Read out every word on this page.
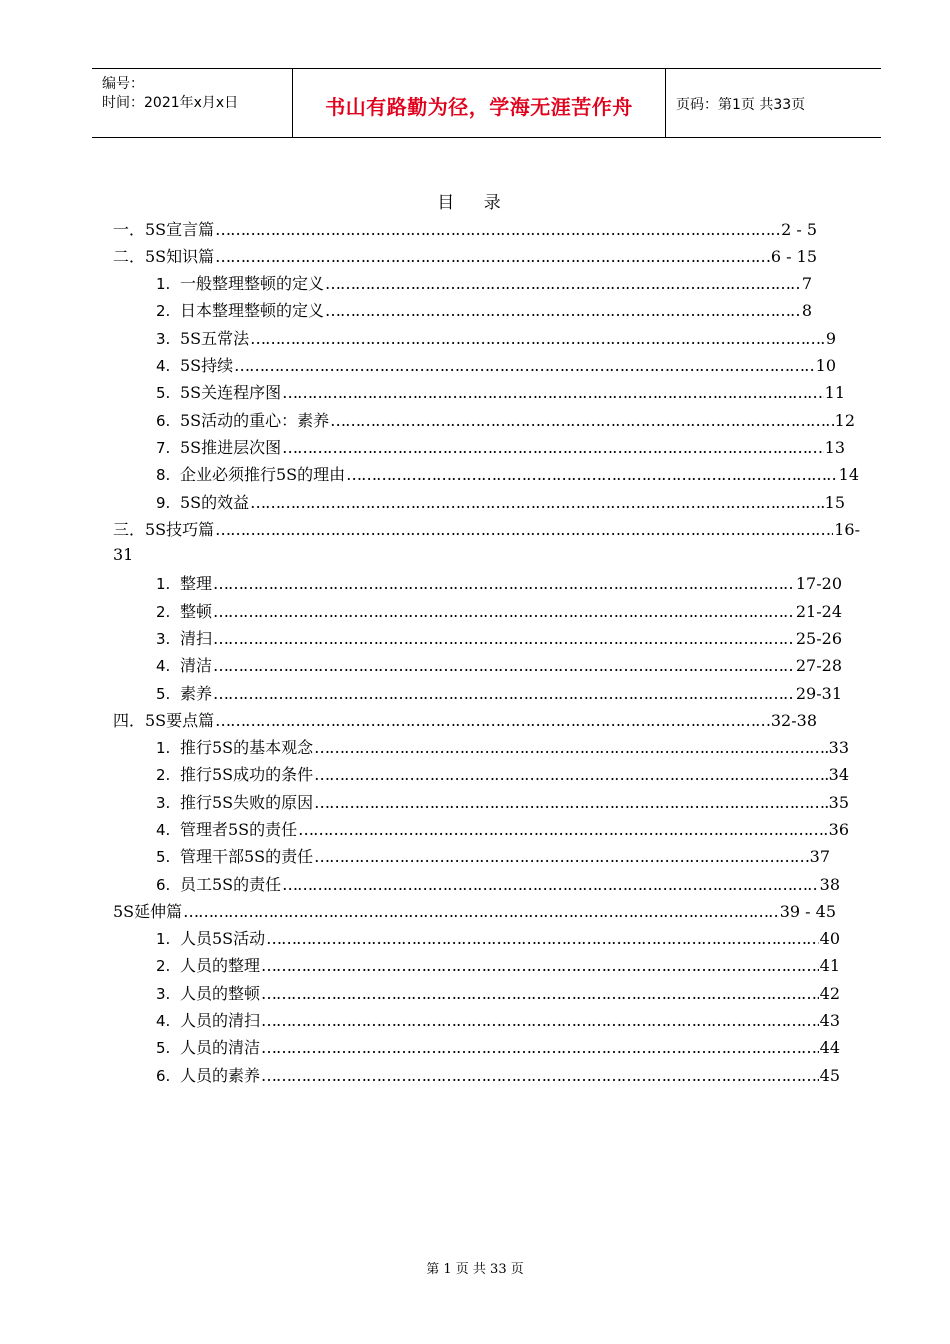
编号：
时间：2021年x月x日	书山有路勤为径，学海无涯苦作舟	页码：第1页 共33页
目 录
一．5S宣言篇 ……………………………………………………………………………………………………………………………………………………………………………………………………………………………………	2 - 5
二．5S知识篇 ……………………………………………………………………………………………………………………………………………………………………………………………………………………………………	6 - 15
1. 一般整理整顿的定义 ……………………………………………………………………………………………………………………………………………………………………………………………………………………………………	7
2. 日本整理整顿的定义 ……………………………………………………………………………………………………………………………………………………………………………………………………………………………………	8
3. 5S五常法 ……………………………………………………………………………………………………………………………………………………………………………………………………………………………………	9
4. 5S持续 ……………………………………………………………………………………………………………………………………………………………………………………………………………………………………	10
5. 5S关连程序图 ……………………………………………………………………………………………………………………………………………………………………………………………………………………………………	11
6. 5S活动的重心：素养 ……………………………………………………………………………………………………………………………………………………………………………………………………………………………………	12
7. 5S推进层次图 ……………………………………………………………………………………………………………………………………………………………………………………………………………………………………	13
8. 企业必须推行5S的理由 ……………………………………………………………………………………………………………………………………………………………………………………………………………………………………	14
9. 5S的效益 ……………………………………………………………………………………………………………………………………………………………………………………………………………………………………	15
三．5S技巧篇 ……………………………………………………………………………………………………………………………………………………………………………………………………………………………………	16-
31
1. 整理 ……………………………………………………………………………………………………………………………………………………………………………………………………………………………………	17-20
2. 整顿 ……………………………………………………………………………………………………………………………………………………………………………………………………………………………………	21-24
3. 清扫 ……………………………………………………………………………………………………………………………………………………………………………………………………………………………………	25-26
4. 清洁 ……………………………………………………………………………………………………………………………………………………………………………………………………………………………………	27-28
5. 素养 ……………………………………………………………………………………………………………………………………………………………………………………………………………………………………	29-31
四．5S要点篇 ……………………………………………………………………………………………………………………………………………………………………………………………………………………………………	32-38
1. 推行5S的基本观念 ……………………………………………………………………………………………………………………………………………………………………………………………………………………………………	33
2. 推行5S成功的条件 ……………………………………………………………………………………………………………………………………………………………………………………………………………………………………	34
3. 推行5S失败的原因 ……………………………………………………………………………………………………………………………………………………………………………………………………………………………………	35
4. 管理者5S的责任 ……………………………………………………………………………………………………………………………………………………………………………………………………………………………………	36
5. 管理干部5S的责任 ……………………………………………………………………………………………………………………………………………………………………………………………………………………………………	37
6. 员工5S的责任 ……………………………………………………………………………………………………………………………………………………………………………………………………………………………………	38
5S延伸篇 ……………………………………………………………………………………………………………………………………………………………………………………………………………………………………	39 - 45
1. 人员5S活动 ……………………………………………………………………………………………………………………………………………………………………………………………………………………………………	40
2. 人员的整理 ……………………………………………………………………………………………………………………………………………………………………………………………………………………………………	41
3. 人员的整顿 ……………………………………………………………………………………………………………………………………………………………………………………………………………………………………	42
4. 人员的清扫 ……………………………………………………………………………………………………………………………………………………………………………………………………………………………………	43
5. 人员的清洁 ……………………………………………………………………………………………………………………………………………………………………………………………………………………………………	44
6. 人员的素养 ……………………………………………………………………………………………………………………………………………………………………………………………………………………………………	45
第 1 页 共 33 页
